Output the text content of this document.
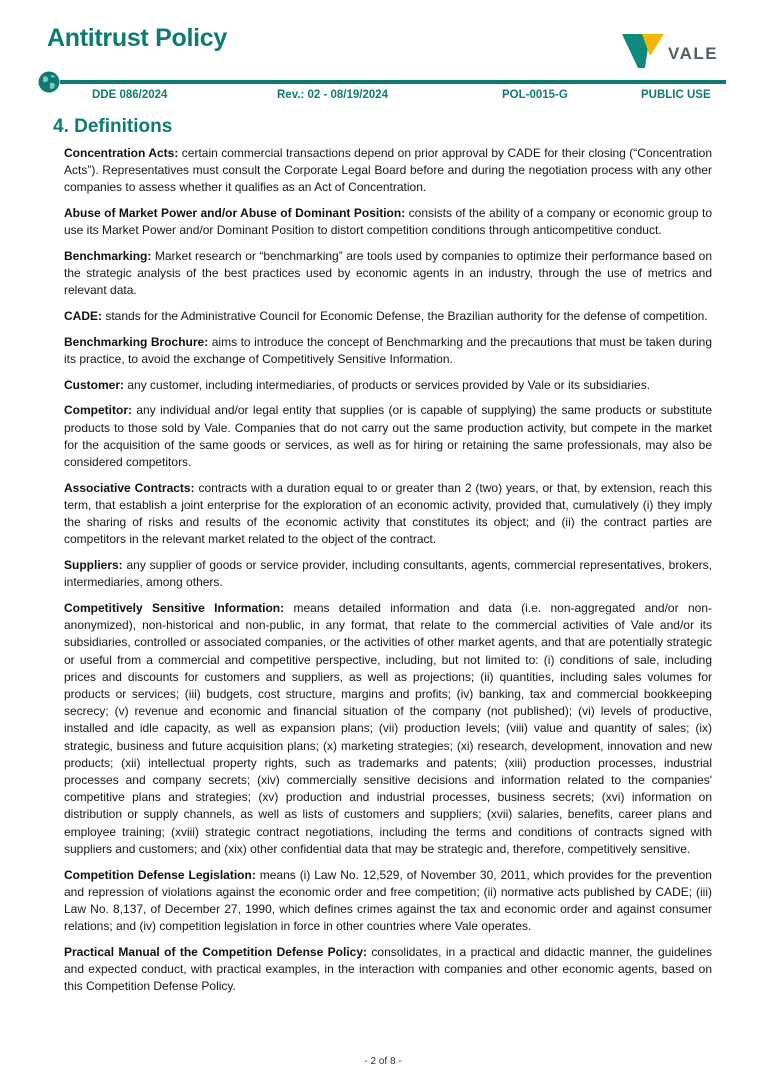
Antitrust Policy
VALE
DDE 086/2024	Rev.: 02 - 08/19/2024	POL-0015-G	PUBLIC USE
4. Definitions

Concentration Acts: certain commercial transactions depend on prior approval by CADE for their closing (“Concentration Acts”). Representatives must consult the Corporate Legal Board before and during the negotiation process with any other companies to assess whether it qualifies as an Act of Concentration.

Abuse of Market Power and/or Abuse of Dominant Position: consists of the ability of a company or economic group to use its Market Power and/or Dominant Position to distort competition conditions through anticompetitive conduct.

Benchmarking: Market research or “benchmarking” are tools used by companies to optimize their performance based on the strategic analysis of the best practices used by economic agents in an industry, through the use of metrics and relevant data.

CADE: stands for the Administrative Council for Economic Defense, the Brazilian authority for the defense of competition.

Benchmarking Brochure: aims to introduce the concept of Benchmarking and the precautions that must be taken during its practice, to avoid the exchange of Competitively Sensitive Information.

Customer: any customer, including intermediaries, of products or services provided by Vale or its subsidiaries.

Competitor: any individual and/or legal entity that supplies (or is capable of supplying) the same products or substitute products to those sold by Vale. Companies that do not carry out the same production activity, but compete in the market for the acquisition of the same goods or services, as well as for hiring or retaining the same professionals, may also be considered competitors.

Associative Contracts: contracts with a duration equal to or greater than 2 (two) years, or that, by extension, reach this term, that establish a joint enterprise for the exploration of an economic activity, provided that, cumulatively (i) they imply the sharing of risks and results of the economic activity that constitutes its object; and (ii) the contract parties are competitors in the relevant market related to the object of the contract.

Suppliers: any supplier of goods or service provider, including consultants, agents, commercial representatives, brokers, intermediaries, among others.

Competitively Sensitive Information: means detailed information and data (i.e. non-aggregated and/or non-anonymized), non-historical and non-public, in any format, that relate to the commercial activities of Vale and/or its subsidiaries, controlled or associated companies, or the activities of other market agents, and that are potentially strategic or useful from a commercial and competitive perspective, including, but not limited to: (i) conditions of sale, including prices and discounts for customers and suppliers, as well as projections; (ii) quantities, including sales volumes for products or services; (iii) budgets, cost structure, margins and profits; (iv) banking, tax and commercial bookkeeping secrecy; (v) revenue and economic and financial situation of the company (not published); (vi) levels of productive, installed and idle capacity, as well as expansion plans; (vii) production levels; (viii) value and quantity of sales; (ix) strategic, business and future acquisition plans; (x) marketing strategies; (xi) research, development, innovation and new products; (xii) intellectual property rights, such as trademarks and patents; (xiii) production processes, industrial processes and company secrets; (xiv) commercially sensitive decisions and information related to the companies' competitive plans and strategies; (xv) production and industrial processes, business secrets; (xvi) information on distribution or supply channels, as well as lists of customers and suppliers; (xvii) salaries, benefits, career plans and employee training; (xviii) strategic contract negotiations, including the terms and conditions of contracts signed with suppliers and customers; and (xix) other confidential data that may be strategic and, therefore, competitively sensitive.

Competition Defense Legislation: means (i) Law No. 12,529, of November 30, 2011, which provides for the prevention and repression of violations against the economic order and free competition; (ii) normative acts published by CADE; (iii) Law No. 8,137, of December 27, 1990, which defines crimes against the tax and economic order and against consumer relations; and (iv) competition legislation in force in other countries where Vale operates.

Practical Manual of the Competition Defense Policy: consolidates, in a practical and didactic manner, the guidelines and expected conduct, with practical examples, in the interaction with companies and other economic agents, based on this Competition Defense Policy.

- 2 of 8 -
